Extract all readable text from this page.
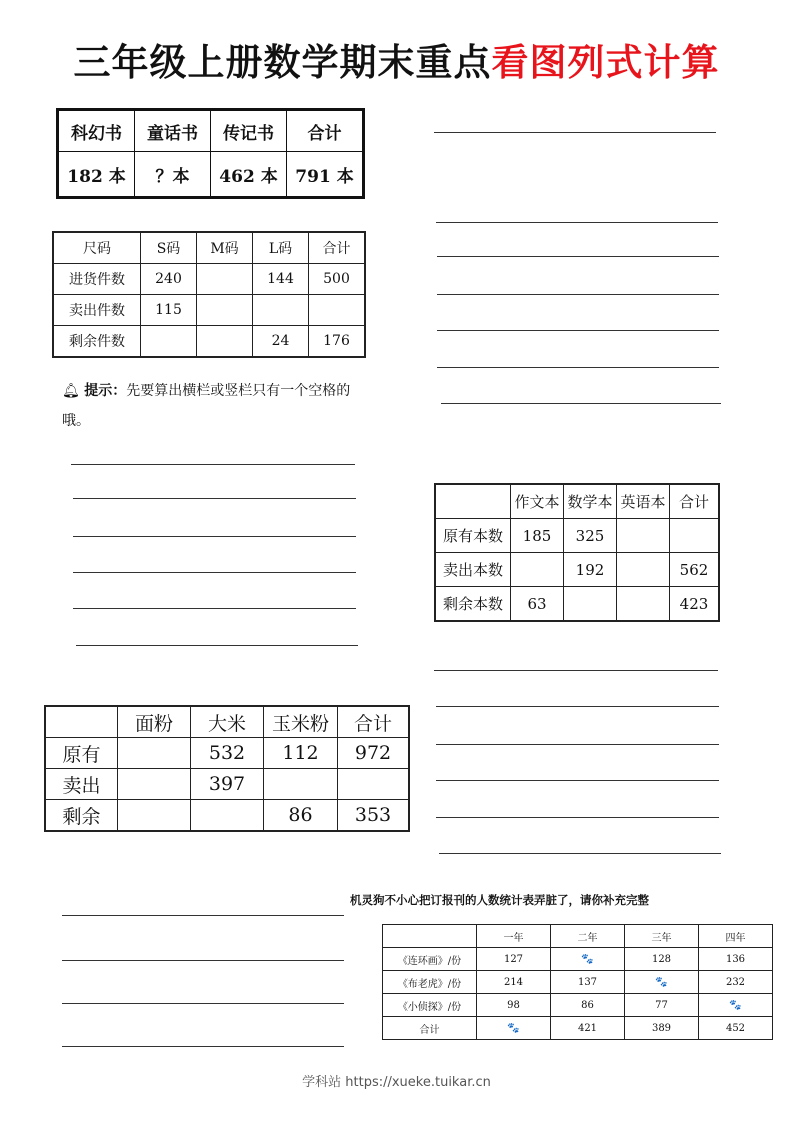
三年级上册数学期末重点看图列式计算
科幻书	童话书	传记书	合计
182 本	？本	462 本	791 本
尺码	S码	M码	L码	合计
进货件数	240		144	500
卖出件数	115			
剩余件数			24	176
🔔︎ 提示：先要算出横栏或竖栏只有一个空格的哦。
	作文本	数学本	英语本	合计
原有本数	185	325		
卖出本数		192		562
剩余本数	63			423
	面粉	大米	玉米粉	合计
原有		532	112	972
卖出		397		
剩余			86	353
机灵狗不小心把订报刊的人数统计表弄脏了，请你补充完整
	一年	二年	三年	四年
《连环画》/份	127	🐾	128	136
《布老虎》/份	214	137	🐾	232
《小侦探》/份	98	86	77	🐾
合计	🐾	421	389	452
学科站 https://xueke.tuikar.cn
